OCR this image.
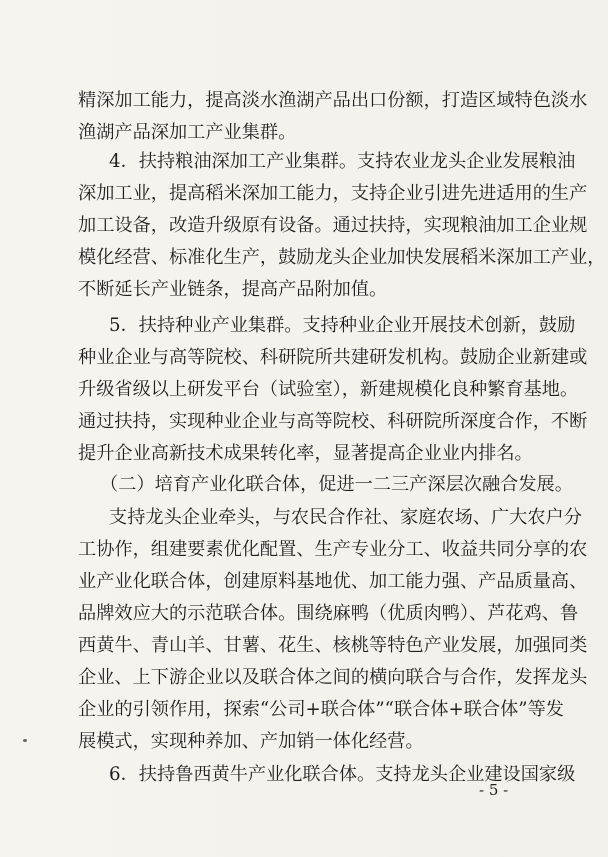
精深加工能力，提高淡水渔湖产品出口份额，打造区域特色淡水
渔湖产品深加工产业集群。
4．扶持粮油深加工产业集群。支持农业龙头企业发展粮油
深加工业，提高稻米深加工能力，支持企业引进先进适用的生产
加工设备，改造升级原有设备。通过扶持，实现粮油加工企业规
模化经营、标准化生产，鼓励龙头企业加快发展稻米深加工产业，
不断延长产业链条，提高产品附加值。
5．扶持种业产业集群。支持种业企业开展技术创新，鼓励
种业企业与高等院校、科研院所共建研发机构。鼓励企业新建或
升级省级以上研发平台（试验室），新建规模化良种繁育基地。
通过扶持，实现种业企业与高等院校、科研院所深度合作，不断
提升企业高新技术成果转化率，显著提高企业业内排名。
（二）培育产业化联合体，促进一二三产深层次融合发展。
支持龙头企业牵头，与农民合作社、家庭农场、广大农户分
工协作，组建要素优化配置、生产专业分工、收益共同分享的农
业产业化联合体，创建原料基地优、加工能力强、产品质量高、
品牌效应大的示范联合体。围绕麻鸭（优质肉鸭）、芦花鸡、鲁
西黄牛、青山羊、甘薯、花生、核桃等特色产业发展，加强同类
企业、上下游企业以及联合体之间的横向联合与合作，发挥龙头
企业的引领作用，探索“公司+联合体”“联合体+联合体”等发
展模式，实现种养加、产加销一体化经营。
6．扶持鲁西黄牛产业化联合体。支持龙头企业建设国家级
- 5 -
